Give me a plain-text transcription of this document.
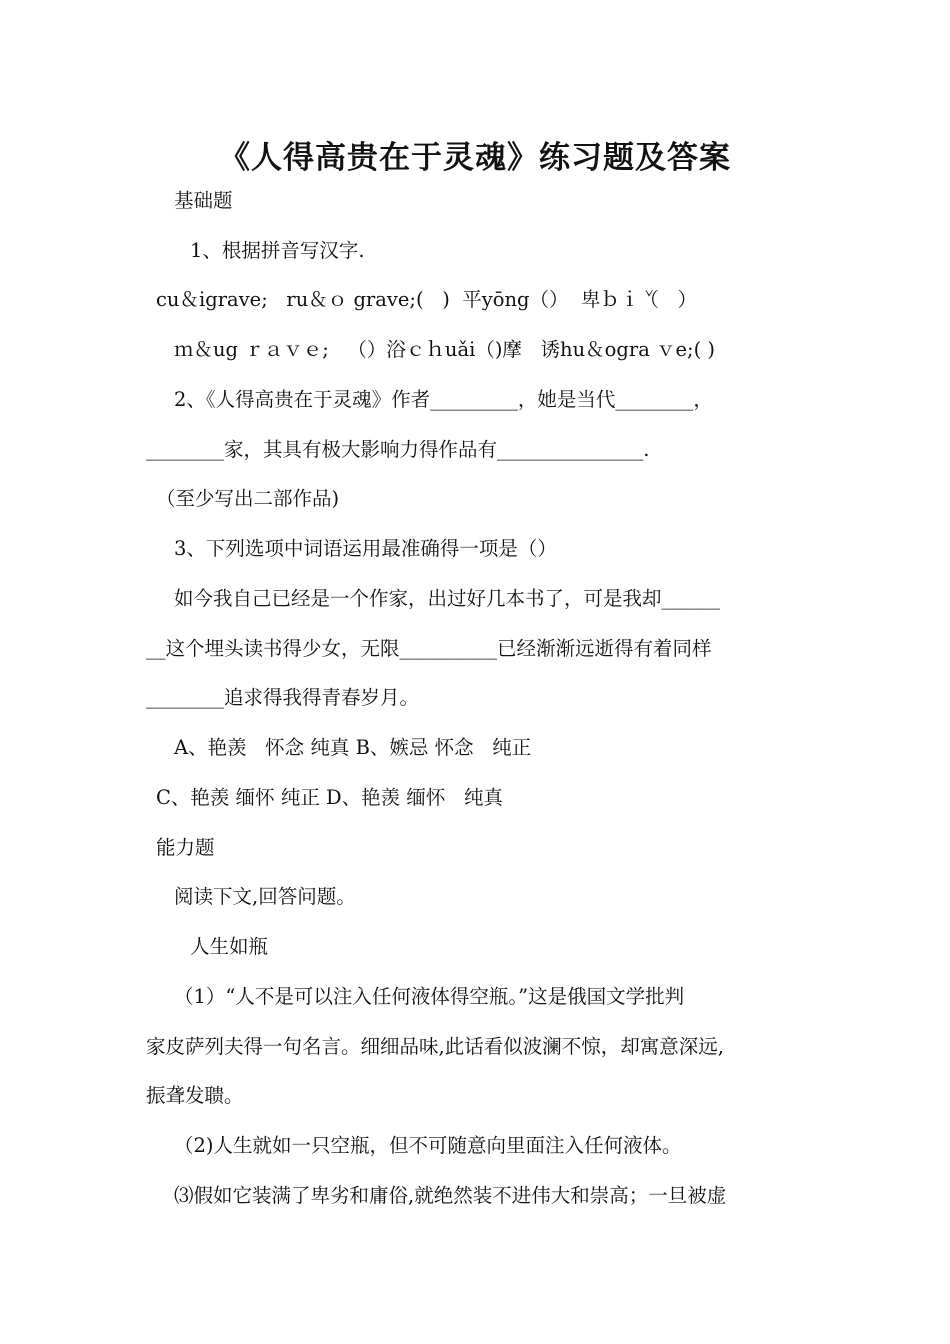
《人得高贵在于灵魂》练习题及答案
基础题
1、根据拼音写汉字.
cu＆igrave;   ru＆ｏ grave;(   )  平yōng（）  卑ｂｉ̌（   ）
ｍ＆ug ｒａｖｅ;   （）浴ｃｈuǎi（)摩   诱hu＆ogra ｖe;( )
2、《人得高贵在于灵魂》作者_________，她是当代________，
________家，其具有极大影响力得作品有_______________.
（至少写出二部作品)
3、下列选项中词语运用最准确得一项是（）
如今我自己已经是一个作家，出过好几本书了，可是我却______
__这个埋头读书得少女，无限__________已经渐渐远逝得有着同样
________追求得我得青春岁月。
A、艳羡   怀念 纯真 B、嫉忌 怀念   纯正
C、艳羡 缅怀 纯正 D、艳羡 缅怀   纯真
能力题
阅读下文,回答问题。
人生如瓶
（1）“人不是可以注入任何液体得空瓶。”这是俄国文学批判
家皮萨列夫得一句名言。细细品味,此话看似波澜不惊，却寓意深远,
振聋发聩。
（2)人生就如一只空瓶，但不可随意向里面注入任何液体。
⑶假如它装满了卑劣和庸俗,就绝然装不进伟大和崇高；一旦被虚
